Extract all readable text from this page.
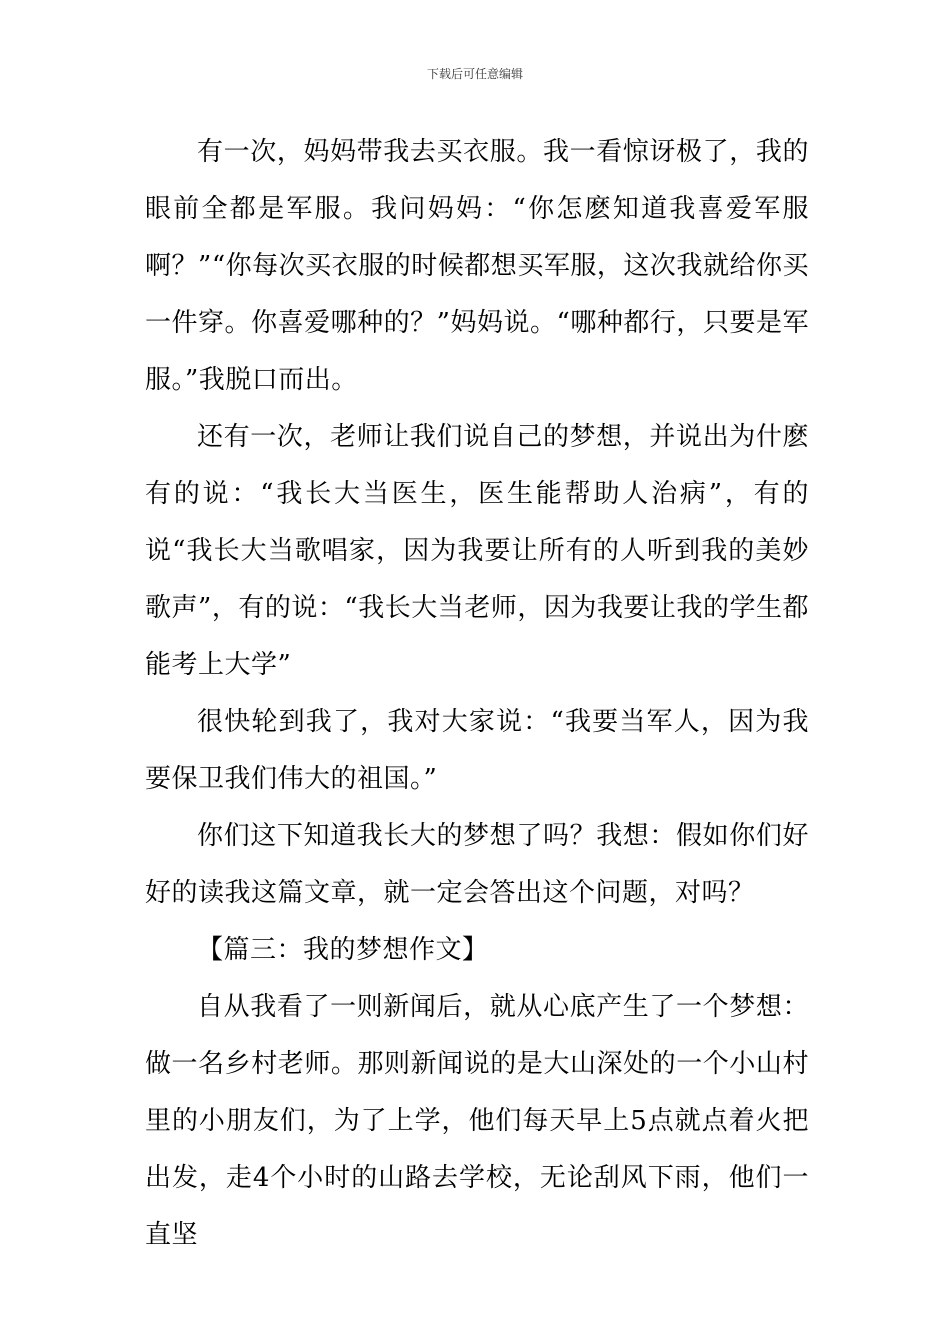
下载后可任意编辑

有一次，妈妈带我去买衣服。我一看惊讶极了，我的眼前全都是军服。我问妈妈：“你怎麽知道我喜爱军服啊？”“你每次买衣服的时候都想买军服，这次我就给你买一件穿。你喜爱哪种的？”妈妈说。“哪种都行，只要是军服。”我脱口而出。

还有一次，老师让我们说自己的梦想，并说出为什麽有的说：“我长大当医生，医生能帮助人治病”，有的说“我长大当歌唱家，因为我要让所有的人听到我的美妙歌声”，有的说：“我长大当老师，因为我要让我的学生都能考上大学”

很快轮到我了，我对大家说：“我要当军人，因为我要保卫我们伟大的祖国。”

你们这下知道我长大的梦想了吗？我想：假如你们好好的读我这篇文章，就一定会答出这个问题，对吗？

【篇三：我的梦想作文】

自从我看了一则新闻后，就从心底产生了一个梦想：做一名乡村老师。那则新闻说的是大山深处的一个小山村里的小朋友们，为了上学，他们每天早上5点就点着火把出发，走4个小时的山路去学校，无论刮风下雨，他们一直坚
